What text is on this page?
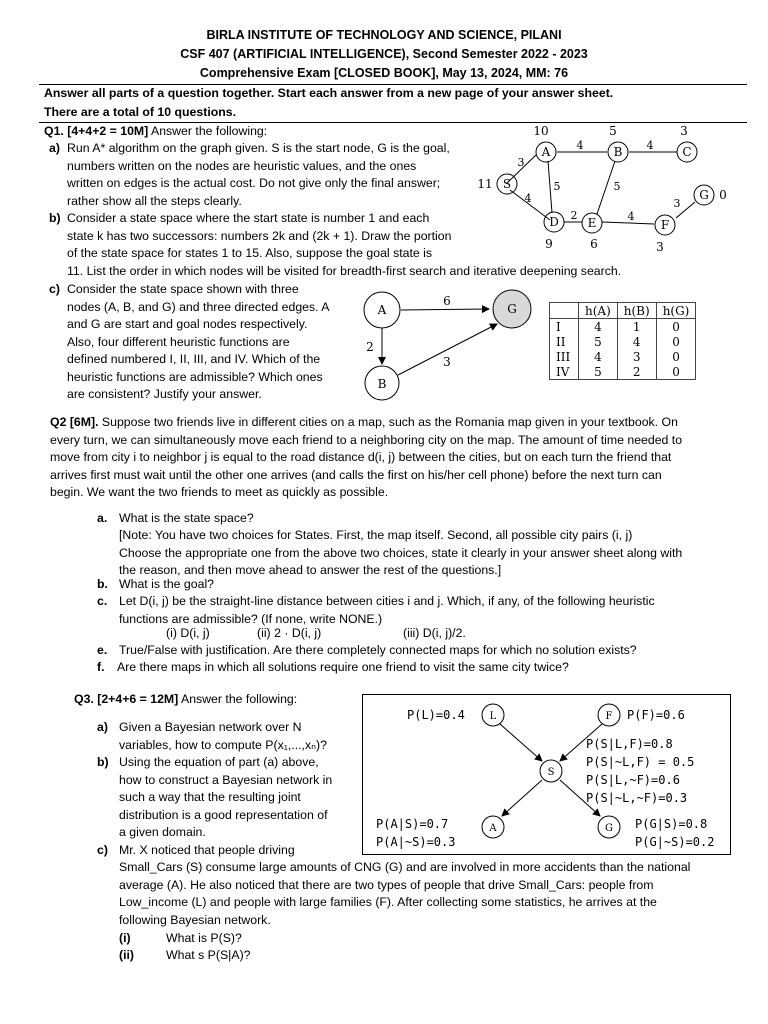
BIRLA INSTITUTE OF TECHNOLOGY AND SCIENCE, PILANI
CSF 407 (ARTIFICIAL INTELLIGENCE), Second Semester 2022 - 2023
Comprehensive Exam [CLOSED BOOK], May 13, 2024, MM: 76
Answer all parts of a question together. Start each answer from a new page of your answer sheet.
There are a total of 10 questions.
Q1. [4+4+2 = 10M] Answer the following:
a) Run A* algorithm on the graph given. S is the start node, G is the goal,
numbers written on the nodes are heuristic values, and the ones
written on edges is the actual cost. Do not give only the final answer;
rather show all the steps clearly.
b) Consider a state space where the start state is number 1 and each
state k has two successors: numbers 2k and (2k + 1). Draw the portion
of the state space for states 1 to 15. Also, suppose the goal state is
11. List the order in which nodes will be visited for breadth-first search and iterative deepening search.
c) Consider the state space shown with three
nodes (A, B, and G) and three directed edges. A
and G are start and goal nodes respectively.
Also, four different heuristic functions are
defined numbered I, II, III, and IV. Which of the
heuristic functions are admissible? Which ones
are consistent? Justify your answer.
S
A	B	C
D E	F
G
11
10	5	3
9	6	3
0
3
4
4
5
4
5
2	4
3
A
B
G
6
2
3
	h(A)	h(B)	h(G)
I	4	1	0
II	5	4	0
III	4	3	0
IV	5	2	0
Q2 [6M]. Suppose two friends live in different cities on a map, such as the Romania map given in your textbook. On
every turn, we can simultaneously move each friend to a neighboring city on the map. The amount of time needed to
move from city i to neighbor j is equal to the road distance d(i, j) between the cities, but on each turn the friend that
arrives first must wait until the other one arrives (and calls the first on his/her cell phone) before the next turn can
begin. We want the two friends to meet as quickly as possible.
a. What is the state space?
[Note: You have two choices for States. First, the map itself. Second, all possible city pairs (i, j)
Choose the appropriate one from the above two choices, state it clearly in your answer sheet along with
the reason, and then move ahead to answer the rest of the questions.]
b. What is the goal?
c. Let D(i, j) be the straight-line distance between cities i and j. Which, if any, of the following heuristic
functions are admissible? (If none, write NONE.)
(i) D(i, j)	(ii) 2 · D(i, j)	(iii) D(i, j)/2.
e. True/False with justification. Are there completely connected maps for which no solution exists?
f. Are there maps in which all solutions require one friend to visit the same city twice?
Q3. [2+4+6 = 12M] Answer the following:
a) Given a Bayesian network over N
variables, how to compute P(x₁,...,xₙ)?
b) Using the equation of part (a) above,
how to construct a Bayesian network in
such a way that the resulting joint
distribution is a good representation of
a given domain.
c) Mr. X noticed that people driving
Small_Cars (S) consume large amounts of CNG (G) and are involved in more accidents than the national
average (A). He also noticed that there are two types of people that drive Small_Cars: people from
Low_income (L) and people with large families (F). After collecting some statistics, he arrives at the
following Bayesian network.
(i)	What is P(S)?
(ii)	What s P(S|A)?
L	F
S
A	G
P(L)=0.4	P(F)=0.6
P(S|L,F)=0.8
P(S|~L,F) = 0.5
P(S|L,~F)=0.6
P(S|~L,~F)=0.3
P(A|S)=0.7
P(A|~S)=0.3
P(G|S)=0.8
P(G|~S)=0.2
